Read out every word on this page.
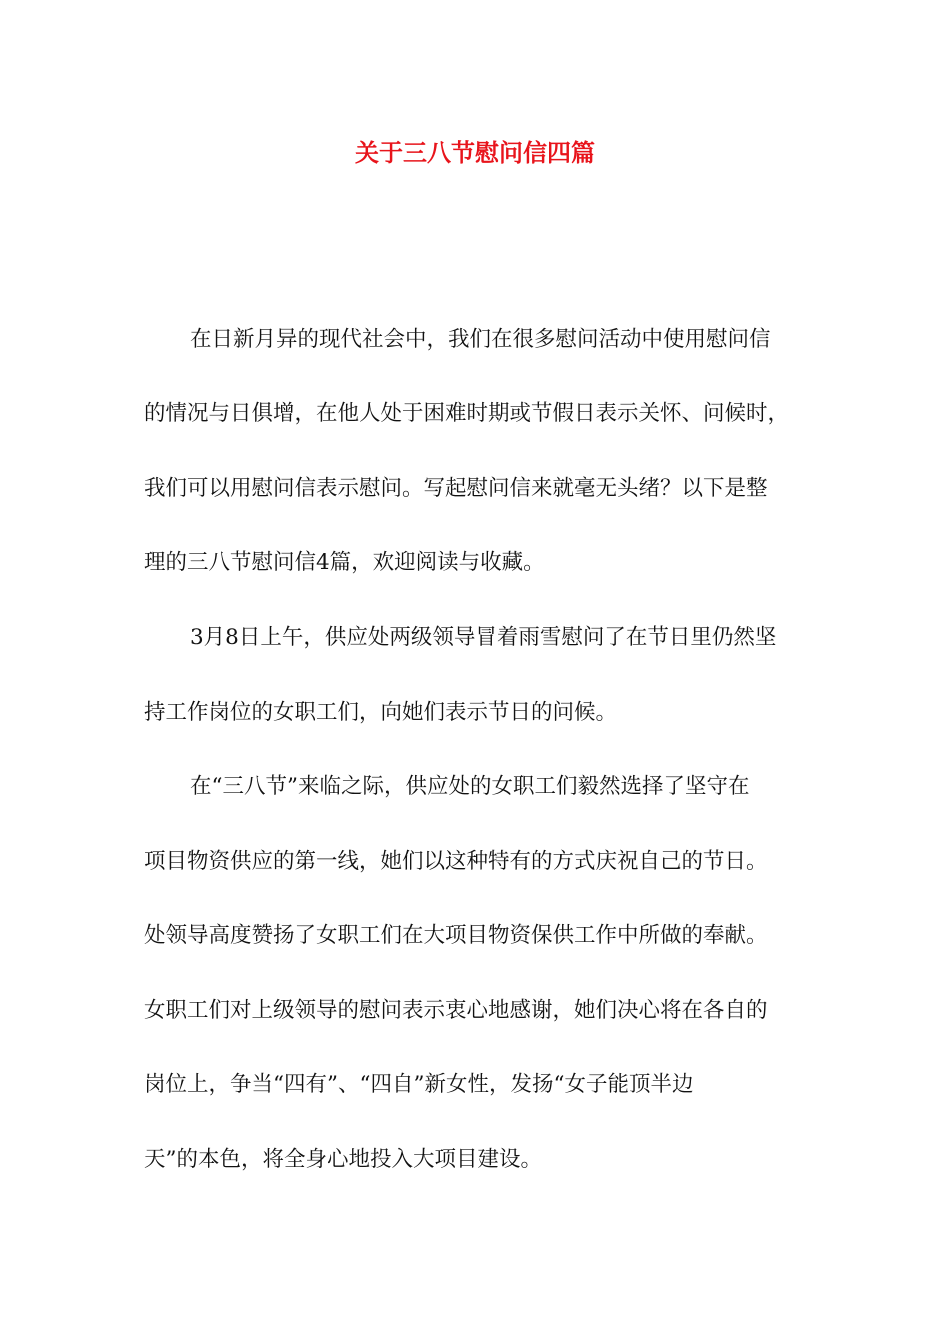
关于三八节慰问信四篇
在日新月异的现代社会中，我们在很多慰问活动中使用慰问信
的情况与日俱增，在他人处于困难时期或节假日表示关怀、问候时，
我们可以用慰问信表示慰问。写起慰问信来就毫无头绪？以下是整
理的三八节慰问信4篇，欢迎阅读与收藏。
3月8日上午，供应处两级领导冒着雨雪慰问了在节日里仍然坚
持工作岗位的女职工们，向她们表示节日的问候。
在“三八节”来临之际，供应处的女职工们毅然选择了坚守在
项目物资供应的第一线，她们以这种特有的方式庆祝自己的节日。
处领导高度赞扬了女职工们在大项目物资保供工作中所做的奉献。
女职工们对上级领导的慰问表示衷心地感谢，她们决心将在各自的
岗位上，争当“四有”、“四自”新女性，发扬“女子能顶半边
天”的本色，将全身心地投入大项目建设。
